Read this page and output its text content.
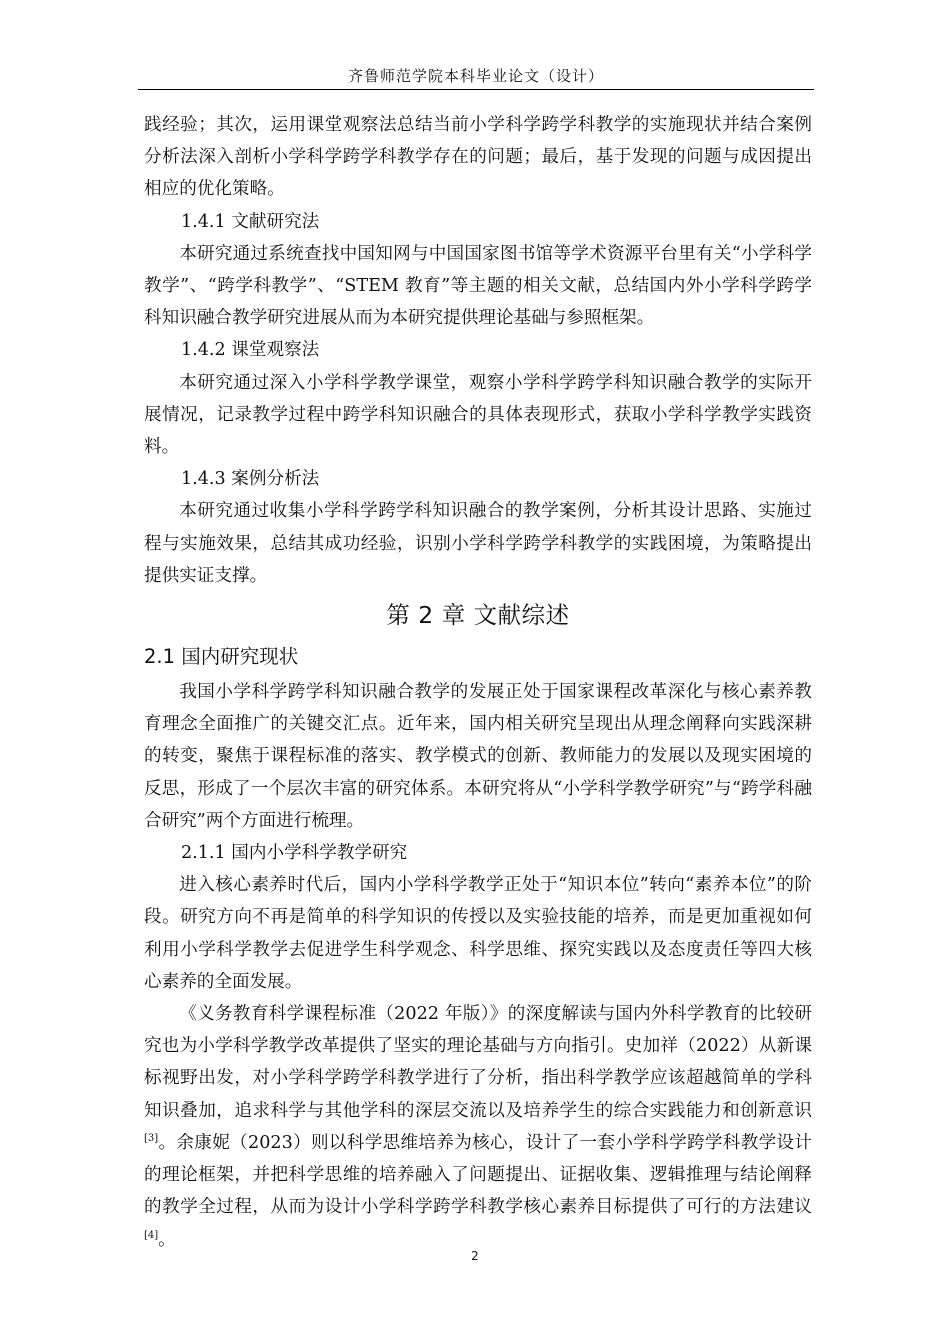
齐鲁师范学院本科毕业论文（设计）

践经验；其次，运用课堂观察法总结当前小学科学跨学科教学的实施现状并结合案例分析法深入剖析小学科学跨学科教学存在的问题；最后，基于发现的问题与成因提出相应的优化策略。

1.4.1 文献研究法

本研究通过系统查找中国知网与中国国家图书馆等学术资源平台里有关“小学科学教学”、“跨学科教学”、“STEM 教育”等主题的相关文献，总结国内外小学科学跨学科知识融合教学研究进展从而为本研究提供理论基础与参照框架。

1.4.2 课堂观察法

本研究通过深入小学科学教学课堂，观察小学科学跨学科知识融合教学的实际开展情况，记录教学过程中跨学科知识融合的具体表现形式，获取小学科学教学实践资料。

1.4.3 案例分析法

本研究通过收集小学科学跨学科知识融合的教学案例，分析其设计思路、实施过程与实施效果，总结其成功经验，识别小学科学跨学科教学的实践困境，为策略提出提供实证支撑。

第 2 章 文献综述
2.1 国内研究现状

我国小学科学跨学科知识融合教学的发展正处于国家课程改革深化与核心素养教育理念全面推广的关键交汇点。近年来，国内相关研究呈现出从理念阐释向实践深耕的转变，聚焦于课程标准的落实、教学模式的创新、教师能力的发展以及现实困境的反思，形成了一个层次丰富的研究体系。本研究将从“小学科学教学研究”与“跨学科融合研究”两个方面进行梳理。

2.1.1 国内小学科学教学研究

进入核心素养时代后，国内小学科学教学正处于“知识本位”转向“素养本位”的阶段。研究方向不再是简单的科学知识的传授以及实验技能的培养，而是更加重视如何利用小学科学教学去促进学生科学观念、科学思维、探究实践以及态度责任等四大核心素养的全面发展。

《义务教育科学课程标准（2022 年版）》的深度解读与国内外科学教育的比较研究也为小学科学教学改革提供了坚实的理论基础与方向指引。史加祥（2022）从新课标视野出发，对小学科学跨学科教学进行了分析，指出科学教学应该超越简单的学科知识叠加，追求科学与其他学科的深层交流以及培养学生的综合实践能力和创新意识[3]。余康妮（2023）则以科学思维培养为核心，设计了一套小学科学跨学科教学设计的理论框架，并把科学思维的培养融入了问题提出、证据收集、逻辑推理与结论阐释的教学全过程，从而为设计小学科学跨学科教学核心素养目标提供了可行的方法建议[4]。

2
